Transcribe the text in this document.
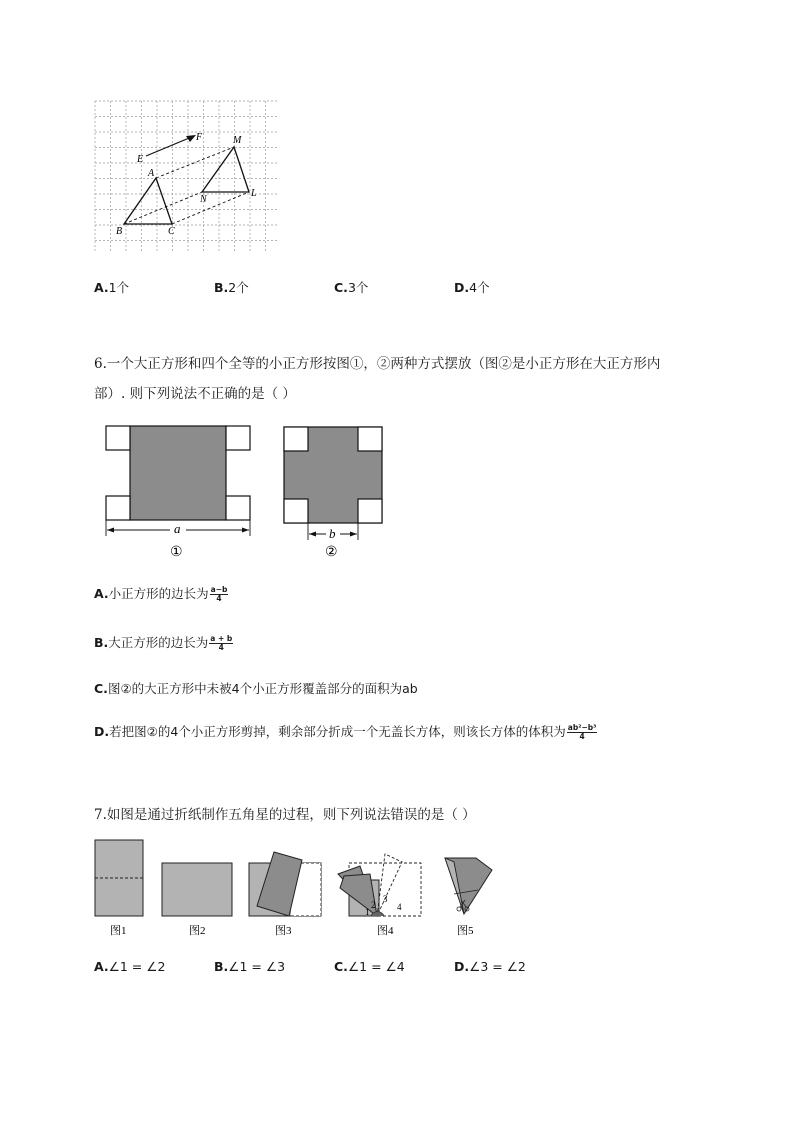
E
F
A
B	C
M
N
L
A.1个	B.2个	C.3个	D.4个
6.一个大正方形和四个全等的小正方形按图①，②两种方式摆放（图②是小正方形在大正方形内
部）. 则下列说法不正确的是（ ）
a
①
b
②
A.小正方形的边长为 $\frac{a-b}{4}$
B.大正方形的边长为 $\frac{a + b}{4}$
C.图②的大正方形中未被4个小正方形覆盖部分的面积为ab
D.若把图②的4个小正方形剪掉，剩余部分折成一个无盖长方体，则该长方体的体积为 $\frac{\text{ab²−b³}}{4}$
7.如图是通过折纸制作五角星的过程，则下列说法错误的是（ ）
1
2
3
4
图1	图2	图3	图4	图5
A.∠1 = ∠2	B.∠1 = ∠3	C.∠1 = ∠4	D.∠3 = ∠2
